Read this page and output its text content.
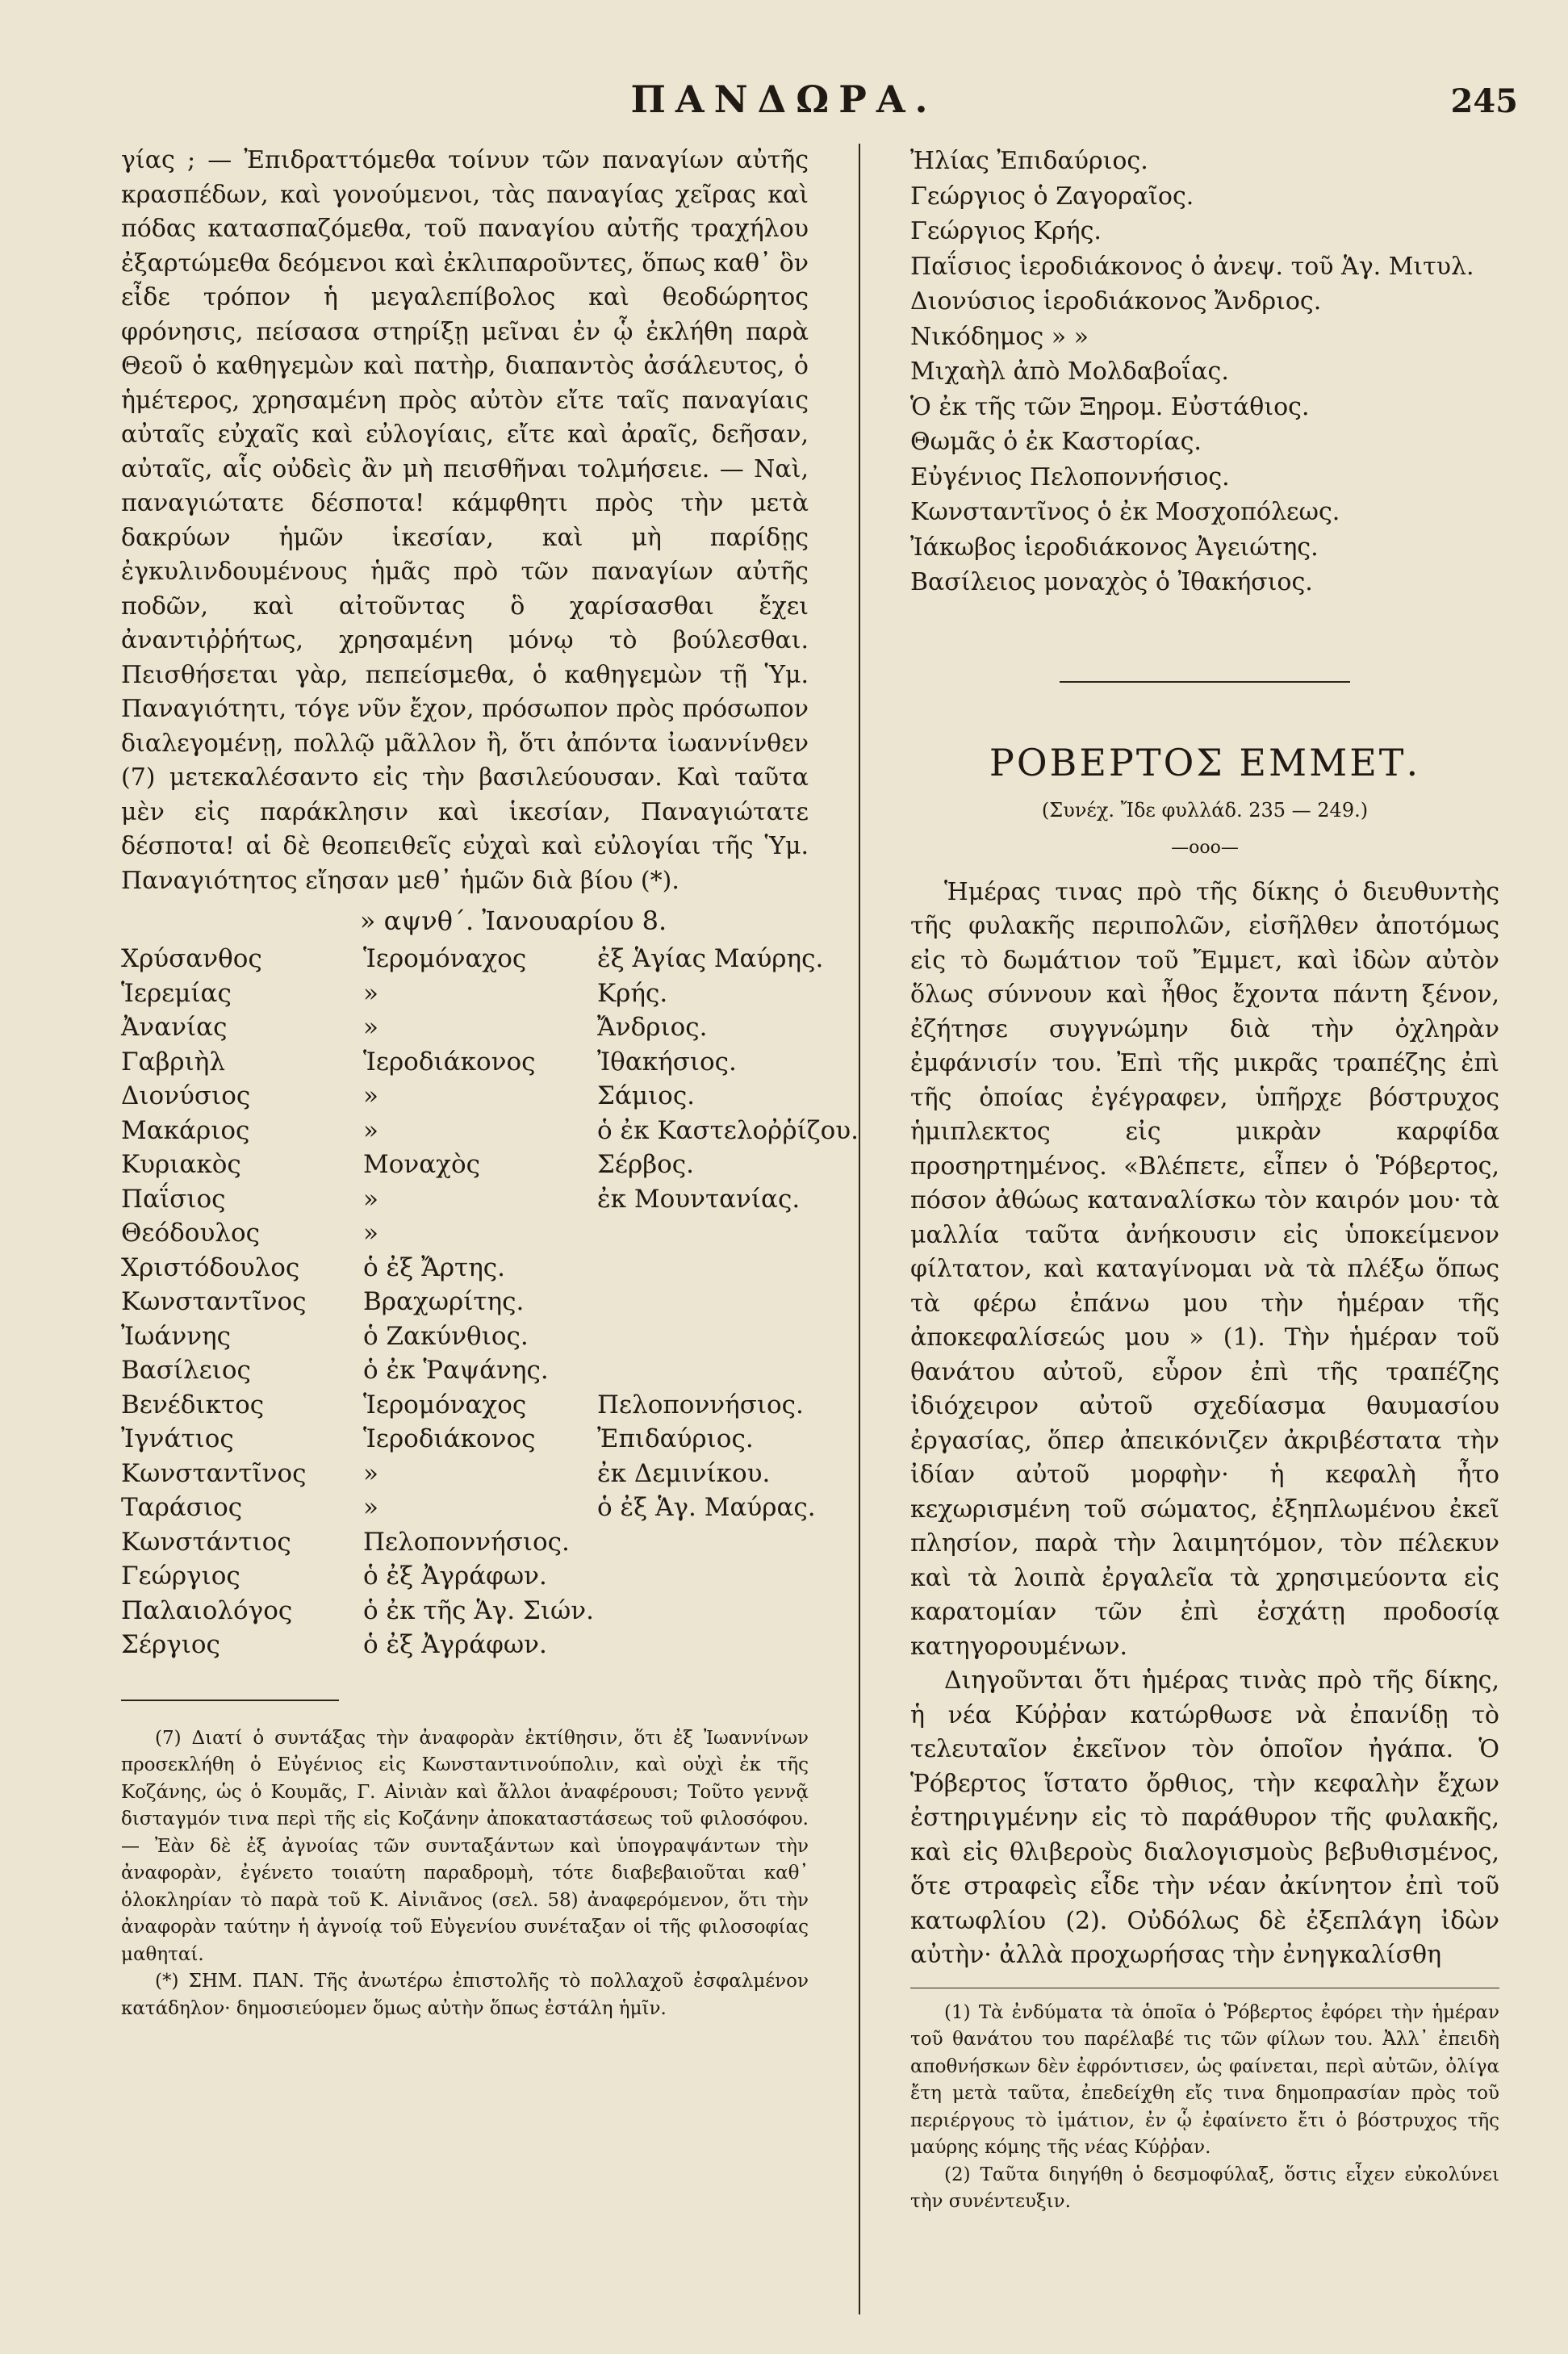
ΠΑΝΔΩΡΑ.	245

γίας ; — Ἐπιδραττόμεθα τοίνυν τῶν παναγίων αὐτῆς κρασπέδων, καὶ γονούμενοι, τὰς παναγίας χεῖρας καὶ πόδας κατασπαζόμεθα, τοῦ παναγίου αὐτῆς τραχήλου ἐξαρτώμεθα δεόμενοι καὶ ἐκλιπαροῦντες, ὅπως καθ᾽ ὃν εἶδε τρόπον ἡ μεγαλεπίβολος καὶ θεοδώρητος φρόνησις, πείσασα στηρίξῃ μεῖναι ἐν ᾧ ἐκλήθη παρὰ Θεοῦ ὁ καθηγεμὼν καὶ πατὴρ, διαπαντὸς ἀσάλευτος, ὁ ἡμέτερος, χρησαμένη πρὸς αὐτὸν εἴτε ταῖς παναγίαις αὐταῖς εὐχαῖς καὶ εὐλογίαις, εἴτε καὶ ἀραῖς, δεῆσαν, αὐταῖς, αἷς οὐδεὶς ἂν μὴ πεισθῆναι τολμήσειε. — Ναὶ, παναγιώτατε δέσποτα! κάμφθητι πρὸς τὴν μετὰ δακρύων ἡμῶν ἱκεσίαν, καὶ μὴ παρίδῃς ἐγκυλινδουμένους ἡμᾶς πρὸ τῶν παναγίων αὐτῆς ποδῶν, καὶ αἰτοῦντας ὃ χαρίσασθαι ἔχει ἀναντιῤῥήτως, χρησαμένη μόνῳ τὸ βούλεσθαι. Πεισθήσεται γὰρ, πεπείσμεθα, ὁ καθηγεμὼν τῇ Ὑμ. Παναγιότητι, τόγε νῦν ἔχον, πρόσωπον πρὸς πρόσωπον διαλεγομένῃ, πολλῷ μᾶλλον ἢ, ὅτι ἀπόντα ἰωαννίνθεν (7) μετεκαλέσαντο εἰς τὴν βασιλεύουσαν. Καὶ ταῦτα μὲν εἰς παράκλησιν καὶ ἱκεσίαν, Παναγιώτατε δέσποτα! αἱ δὲ θεοπειθεῖς εὐχαὶ καὶ εὐλογίαι τῆς Ὑμ. Παναγιότητος εἴησαν μεθ᾽ ἡμῶν διὰ βίου (*).

» αψνθ΄. Ἰανουαρίου 8.
Χρύσανθος	Ἱερομόναχος	ἐξ Ἁγίας Μαύρης.
Ἱερεμίας	»	Κρής.
Ἀνανίας	»	Ἄνδριος.
Γαβριὴλ	Ἱεροδιάκονος	Ἰθακήσιος.
Διονύσιος	»	Σάμιος.
Μακάριος	»	ὁ ἐκ Καστελοῤῥίζου.
Κυριακὸς	Μοναχὸς	Σέρβος.
Παΐσιος	»	ἐκ Μουντανίας.
Θεόδουλος	»
Χριστόδουλος	ὁ ἐξ Ἄρτης.
Κωνσταντῖνος	Βραχωρίτης.
Ἰωάννης	ὁ Ζακύνθιος.
Βασίλειος	ὁ ἐκ Ῥαψάνης.
Βενέδικτος	Ἱερομόναχος	Πελοποννήσιος.
Ἰγνάτιος	Ἱεροδιάκονος	Ἐπιδαύριος.
Κωνσταντῖνος	»	ἐκ Δεμινίκου.
Ταράσιος	»	ὁ ἐξ Ἁγ. Μαύρας.
Κωνστάντιος	Πελοποννήσιος.
Γεώργιος	ὁ ἐξ Ἀγράφων.
Παλαιολόγος	ὁ ἐκ τῆς Ἁγ. Σιών.
Σέργιος	ὁ ἐξ Ἀγράφων.

(7) Διατί ὁ συντάξας τὴν ἀναφορὰν ἐκτίθησιν, ὅτι ἐξ Ἰωαννίνων προσεκλήθη ὁ Εὐγένιος εἰς Κωνσταντινούπολιν, καὶ οὐχὶ ἐκ τῆς Κοζάνης, ὡς ὁ Κουμᾶς, Γ. Αἰνιὰν καὶ ἄλλοι ἀναφέρουσι; Τοῦτο γεννᾷ δισταγμόν τινα περὶ τῆς εἰς Κοζάνην ἀποκαταστάσεως τοῦ φιλοσόφου. — Ἐὰν δὲ ἐξ ἀγνοίας τῶν συνταξάντων καὶ ὑπογραψάντων τὴν ἀναφορὰν, ἐγένετο τοιαύτη παραδρομὴ, τότε διαβεβαιοῦται καθ᾽ ὁλοκληρίαν τὸ παρὰ τοῦ Κ. Αἰνιᾶνος (σελ. 58) ἀναφερόμενον, ὅτι τὴν ἀναφορὰν ταύτην ἡ ἀγνοίᾳ τοῦ Εὐγενίου συνέταξαν οἱ τῆς φιλοσοφίας μαθηταί.

(*) ΣΗΜ. ΠΑΝ. Τῆς ἀνωτέρω ἐπιστολῆς τὸ πολλαχοῦ ἐσφαλμένον κατάδηλον· δημοσιεύομεν ὅμως αὐτὴν ὅπως ἐστάλη ἡμῖν.

Ἠλίας Ἐπιδαύριος.
Γεώργιος ὁ Ζαγοραῖος.
Γεώργιος Κρής.
Παΐσιος ἱεροδιάκονος ὁ ἀνεψ. τοῦ Ἁγ. Μιτυλ.
Διονύσιος ἱεροδιάκονος Ἄνδριος.
Νικόδημος » »
Μιχαὴλ ἀπὸ Μολδαβοΐας.
Ὁ ἐκ τῆς τῶν Ξηρομ. Εὐστάθιος.
Θωμᾶς ὁ ἐκ Καστορίας.
Εὐγένιος Πελοποννήσιος.
Κωνσταντῖνος ὁ ἐκ Μοσχοπόλεως.
Ἰάκωβος ἱεροδιάκονος Ἀγειώτης.
Βασίλειος μοναχὸς ὁ Ἰθακήσιος.
ΡΟΒΕΡΤΟΣ ΕΜΜΕΤ.
(Συνέχ. Ἴδε φυλλάδ. 235 — 249.)
—ooo—

Ἡμέρας τινας πρὸ τῆς δίκης ὁ διευθυντὴς τῆς φυλακῆς περιπολῶν, εἰσῆλθεν ἀποτόμως εἰς τὸ δωμάτιον τοῦ Ἔμμετ, καὶ ἰδὼν αὐτὸν ὅλως σύννουν καὶ ἦθος ἔχοντα πάντη ξένον, ἐζήτησε συγγνώμην διὰ τὴν ὀχληρὰν ἐμφάνισίν του. Ἐπὶ τῆς μικρᾶς τραπέζης ἐπὶ τῆς ὁποίας ἐγέγραφεν, ὑπῆρχε βόστρυχος ἡμιπλεκτος εἰς μικρὰν καρφίδα προσηρτημένος. «Βλέπετε, εἶπεν ὁ Ῥόβερτος, πόσον ἀθώως καταναλίσκω τὸν καιρόν μου· τὰ μαλλία ταῦτα ἀνήκουσιν εἰς ὑποκείμενον φίλτατον, καὶ καταγίνομαι νὰ τὰ πλέξω ὅπως τὰ φέρω ἐπάνω μου τὴν ἡμέραν τῆς ἀποκεφαλίσεώς μου » (1). Τὴν ἡμέραν τοῦ θανάτου αὐτοῦ, εὗρον ἐπὶ τῆς τραπέζης ἰδιόχειρον αὐτοῦ σχεδίασμα θαυμασίου ἐργασίας, ὅπερ ἀπεικόνιζεν ἀκριβέστατα τὴν ἰδίαν αὐτοῦ μορφὴν· ἡ κεφαλὴ ἦτο κεχωρισμένη τοῦ σώματος, ἐξηπλωμένου ἐκεῖ πλησίον, παρὰ τὴν λαιμητόμον, τὸν πέλεκυν καὶ τὰ λοιπὰ ἐργαλεῖα τὰ χρησιμεύοντα εἰς καρατομίαν τῶν ἐπὶ ἐσχάτῃ προδοσίᾳ κατηγορουμένων.

Διηγοῦνται ὅτι ἡμέρας τινὰς πρὸ τῆς δίκης, ἡ νέα Κύῤῥαν κατώρθωσε νὰ ἐπανίδῃ τὸ τελευταῖον ἐκεῖνον τὸν ὁποῖον ἠγάπα. Ὁ Ῥόβερτος ἵστατο ὄρθιος, τὴν κεφαλὴν ἔχων ἐστηριγμένην εἰς τὸ παράθυρον τῆς φυλακῆς, καὶ εἰς θλιβεροὺς διαλογισμοὺς βεβυθισμένος, ὅτε στραφεὶς εἶδε τὴν νέαν ἀκίνητον ἐπὶ τοῦ κατωφλίου (2). Οὐδόλως δὲ ἐξεπλάγη ἰδὼν αὐτὴν· ἀλλὰ προχωρήσας τὴν ἐνηγκαλίσθη

(1) Τὰ ἐνδύματα τὰ ὁποῖα ὁ Ῥόβερτος ἐφόρει τὴν ἡμέραν τοῦ θανάτου του παρέλαβέ τις τῶν φίλων του. Ἀλλ᾽ ἐπειδὴ αποθνήσκων δὲν ἐφρόντισεν, ὡς φαίνεται, περὶ αὐτῶν, ὀλίγα ἔτη μετὰ ταῦτα, ἐπεδείχθη εἴς τινα δημοπρασίαν πρὸς τοῦ περιέργους τὸ ἱμάτιον, ἐν ᾧ ἐφαίνετο ἔτι ὁ βόστρυχος τῆς μαύρης κόμης τῆς νέας Κύῤῥαν.

(2) Ταῦτα διηγήθη ὁ δεσμοφύλαξ, ὅστις εἶχεν εὐκολύνει τὴν συνέντευξιν.
